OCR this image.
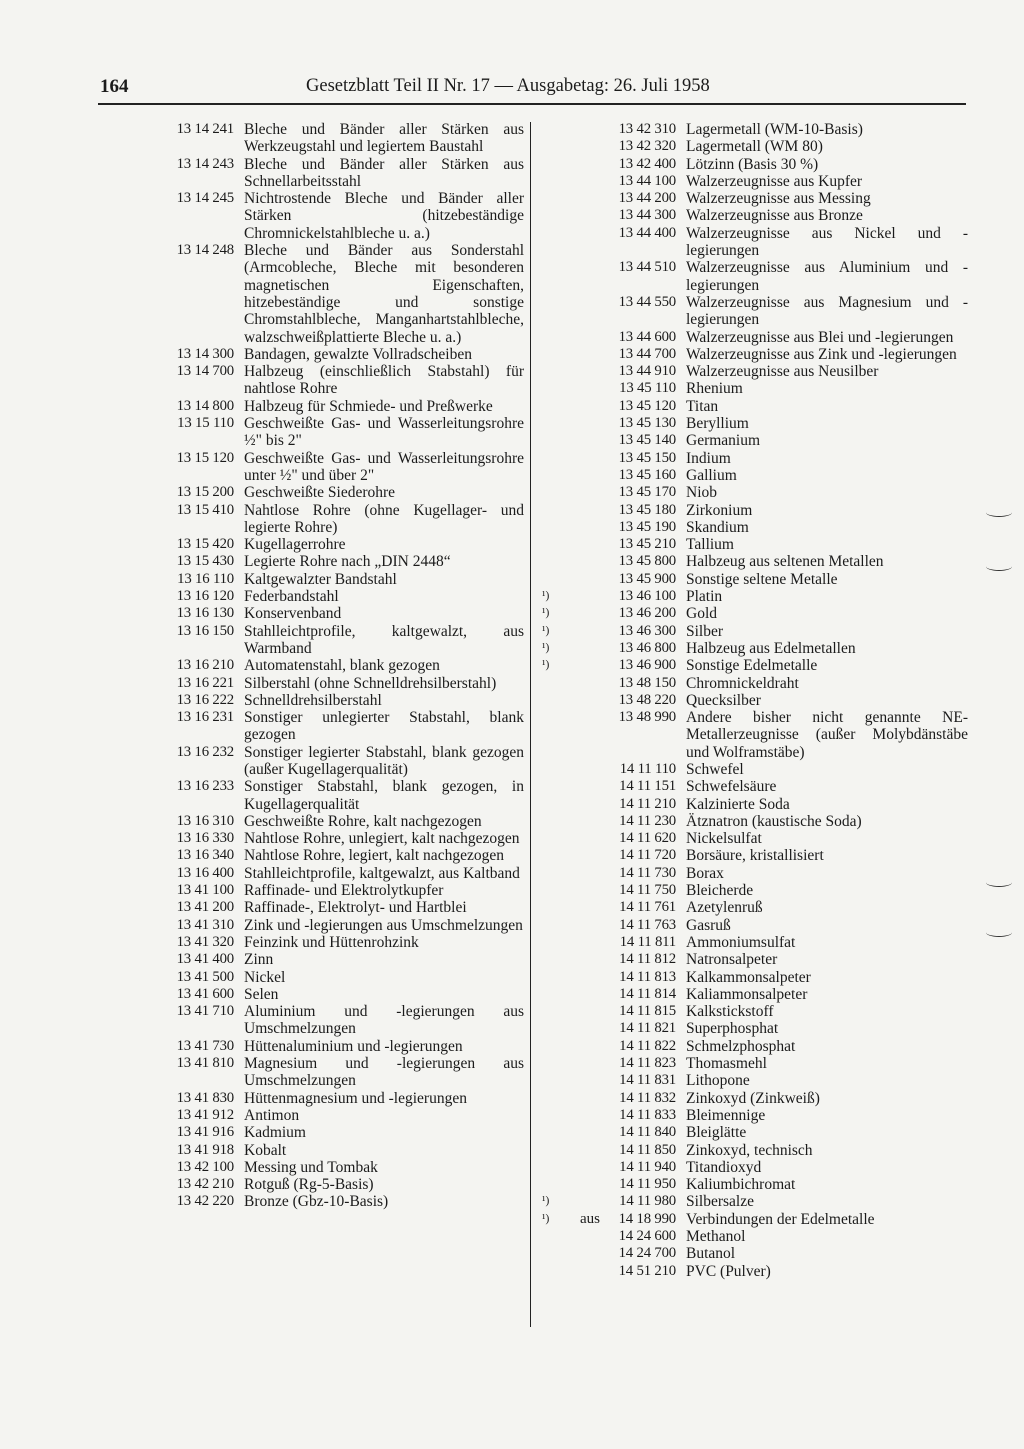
164	Gesetzblatt Teil II Nr. 17 — Ausgabetag: 26. Juli 1958
13 14 241 Bleche und Bänder aller Stärken aus Werkzeugstahl und legiertem Baustahl
13 14 243 Bleche und Bänder aller Stärken aus Schnellarbeitsstahl
13 14 245 Nichtrostende Bleche und Bänder aller Stärken (hitzebeständige Chromnickelstahlbleche u. a.)
13 14 248 Bleche und Bänder aus Sonderstahl (Armcobleche, Bleche mit besonderen magnetischen Eigenschaften, hitzebeständige und sonstige Chromstahlbleche, Manganhartstahlbleche, walzschweißplattierte Bleche u. a.)
13 14 300 Bandagen, gewalzte Vollradscheiben
13 14 700 Halbzeug (einschließlich Stabstahl) für nahtlose Rohre
13 14 800 Halbzeug für Schmiede- und Preßwerke
13 15 110 Geschweißte Gas- und Wasserleitungsrohre ½" bis 2"
13 15 120 Geschweißte Gas- und Wasserleitungsrohre unter ½" und über 2"
13 15 200 Geschweißte Siederohre
13 15 410 Nahtlose Rohre (ohne Kugellager- und legierte Rohre)
13 15 420 Kugellagerrohre
13 15 430 Legierte Rohre nach „DIN 2448“
13 16 110 Kaltgewalzter Bandstahl
13 16 120 Federbandstahl
13 16 130 Konservenband
13 16 150 Stahlleichtprofile, kaltgewalzt, aus Warmband
13 16 210 Automatenstahl, blank gezogen
13 16 221 Silberstahl (ohne Schnelldrehsilberstahl)
13 16 222 Schnelldrehsilberstahl
13 16 231 Sonstiger unlegierter Stabstahl, blank gezogen
13 16 232 Sonstiger legierter Stabstahl, blank gezogen (außer Kugellagerqualität)
13 16 233 Sonstiger Stabstahl, blank gezogen, in Kugellagerqualität
13 16 310 Geschweißte Rohre, kalt nachgezogen
13 16 330 Nahtlose Rohre, unlegiert, kalt nachgezogen
13 16 340 Nahtlose Rohre, legiert, kalt nachgezogen
13 16 400 Stahlleichtprofile, kaltgewalzt, aus Kaltband
13 41 100 Raffinade- und Elektrolytkupfer
13 41 200 Raffinade-, Elektrolyt- und Hartblei
13 41 310 Zink und -legierungen aus Umschmelzungen
13 41 320 Feinzink und Hüttenrohzink
13 41 400 Zinn
13 41 500 Nickel
13 41 600 Selen
13 41 710 Aluminium und -legierungen aus Umschmelzungen
13 41 730 Hüttenaluminium und -legierungen
13 41 810 Magnesium und -legierungen aus Umschmelzungen
13 41 830 Hüttenmagnesium und -legierungen
13 41 912 Antimon
13 41 916 Kadmium
13 41 918 Kobalt
13 42 100 Messing und Tombak
13 42 210 Rotguß (Rg-5-Basis)
13 42 220 Bronze (Gbz-10-Basis)
13 42 310 Lagermetall (WM-10-Basis)
13 42 320 Lagermetall (WM 80)
13 42 400 Lötzinn (Basis 30 %)
13 44 100 Walzerzeugnisse aus Kupfer
13 44 200 Walzerzeugnisse aus Messing
13 44 300 Walzerzeugnisse aus Bronze
13 44 400 Walzerzeugnisse aus Nickel und -legierungen
13 44 510 Walzerzeugnisse aus Aluminium und -legierungen
13 44 550 Walzerzeugnisse aus Magnesium und -legierungen
13 44 600 Walzerzeugnisse aus Blei und -legierungen
13 44 700 Walzerzeugnisse aus Zink und -legierungen
13 44 910 Walzerzeugnisse aus Neusilber
13 45 110 Rhenium
13 45 120 Titan
13 45 130 Beryllium
13 45 140 Germanium
13 45 150 Indium
13 45 160 Gallium
13 45 170 Niob
13 45 180 Zirkonium
13 45 190 Skandium
13 45 210 Tallium
13 45 800 Halbzeug aus seltenen Metallen
13 45 900 Sonstige seltene Metalle
¹)	13 46 100 Platin
¹)	13 46 200 Gold
¹)	13 46 300 Silber
¹)	13 46 800 Halbzeug aus Edelmetallen
¹)	13 46 900 Sonstige Edelmetalle
13 48 150 Chromnickeldraht
13 48 220 Quecksilber
13 48 990 Andere bisher nicht genannte NE-Metallerzeugnisse (außer Molybdänstäbe und Wolframstäbe)
14 11 110 Schwefel
14 11 151 Schwefelsäure
14 11 210 Kalzinierte Soda
14 11 230 Ätznatron (kaustische Soda)
14 11 620 Nickelsulfat
14 11 720 Borsäure, kristallisiert
14 11 730 Borax
14 11 750 Bleicherde
14 11 761 Azetylenruß
14 11 763 Gasruß
14 11 811 Ammoniumsulfat
14 11 812 Natronsalpeter
14 11 813 Kalkammonsalpeter
14 11 814 Kaliammonsalpeter
14 11 815 Kalkstickstoff
14 11 821 Superphosphat
14 11 822 Schmelzphosphat
14 11 823 Thomasmehl
14 11 831 Lithopone
14 11 832 Zinkoxyd (Zinkweiß)
14 11 833 Bleimennige
14 11 840 Bleiglätte
14 11 850 Zinkoxyd, technisch
14 11 940 Titandioxyd
14 11 950 Kaliumbichromat
¹)	14 11 980 Silbersalze
¹)	aus	14 18 990 Verbindungen der Edelmetalle
14 24 600 Methanol
14 24 700 Butanol
14 51 210 PVC (Pulver)
